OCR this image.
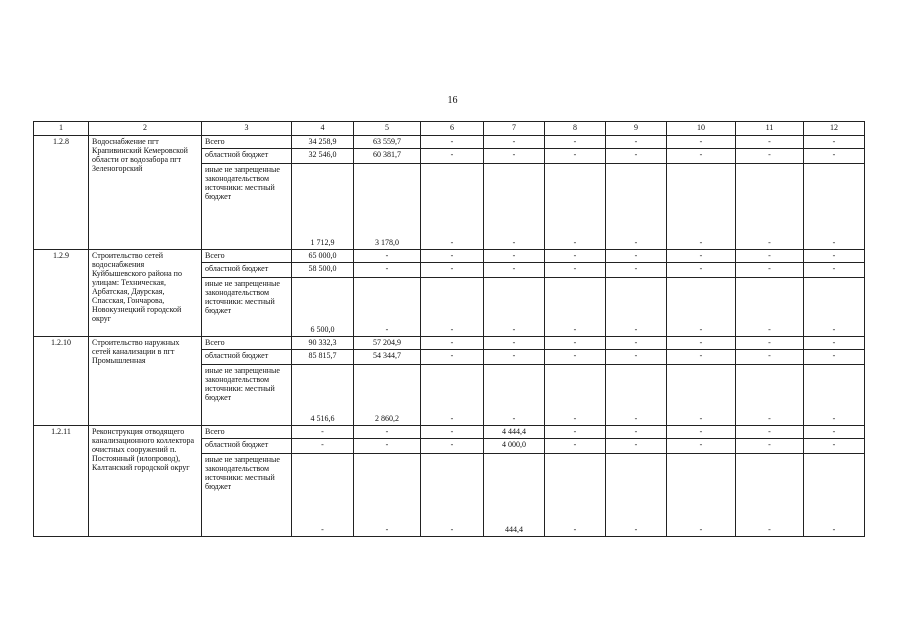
16
1	2	3	4	5	6	7	8	9	10	11	12
1.2.8	Водоснабжение пгт Крапивинский Кемеровской области от водозабора пгт Зеленогорский	Всего	34 258,9	63 559,7	-	-	-	-	-	-	-
		областной бюджет	32 546,0	60 381,7	-	-	-	-	-	-	-
		иные не запрещенные законодательством источники: местный бюджет	1 712,9	3 178,0	-	-	-	-	-	-	-
1.2.9	Строительство сетей водоснабжения Куйбышевского района по улицам: Техническая, Арбатская, Даурская, Спасская, Гончарова, Новокузнецкий городской округ	Всего	65 000,0	-	-	-	-	-	-	-	-
		областной бюджет	58 500,0	-	-	-	-	-	-	-	-
		иные не запрещенные законодательством источники: местный бюджет	6 500,0	-	-	-	-	-	-	-	-
1.2.10	Строительство наружных сетей канализации в пгт Промышленная	Всего	90 332,3	57 204,9	-	-	-	-	-	-	-
		областной бюджет	85 815,7	54 344,7	-	-	-	-	-	-	-
		иные не запрещенные законодательством источники: местный бюджет	4 516,6	2 860,2	-	-	-	-	-	-	-
1.2.11	Реконструкция отводящего канализационного коллектора очистных сооружений п. Постоянный (илопровод), Калтанский городской округ	Всего	-	-	-	4 444,4	-	-	-	-	-
		областной бюджет	-	-	-	4 000,0	-	-	-	-	-
		иные не запрещенные законодательством источники: местный бюджет	-	-	-	444,4	-	-	-	-	-
